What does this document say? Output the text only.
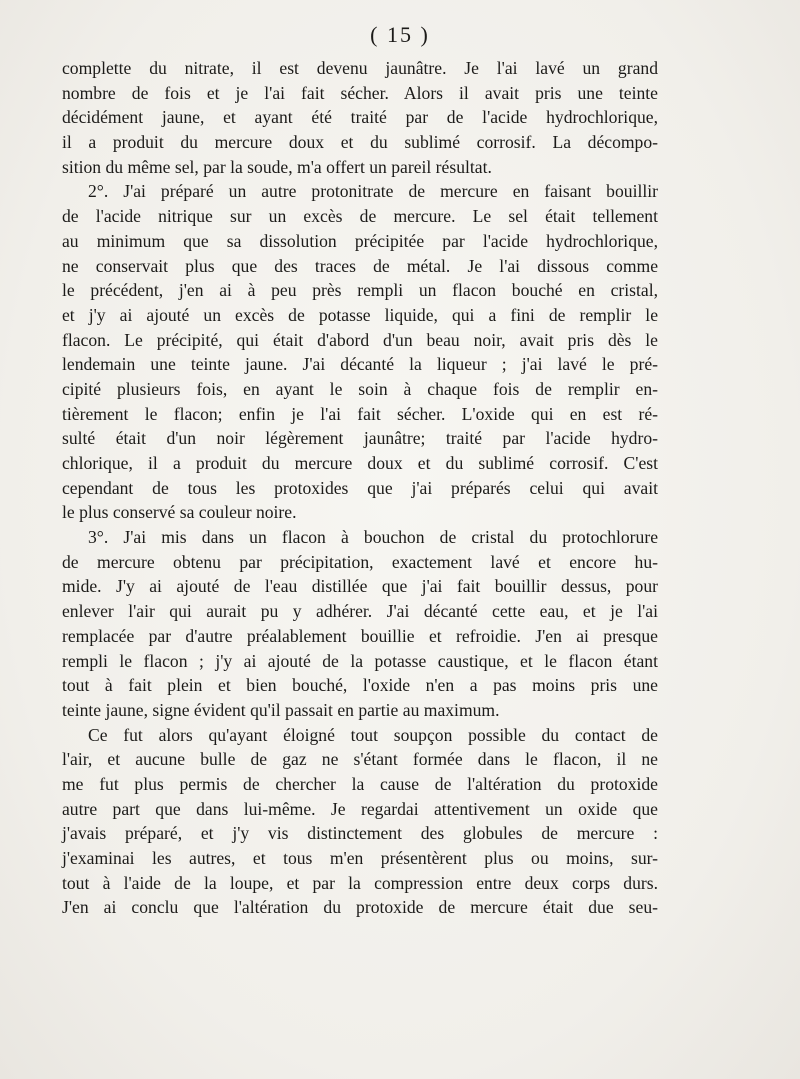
( 15 )
complette du nitrate, il est devenu jaunâtre. Je l'ai lavé un grand
nombre de fois et je l'ai fait sécher. Alors il avait pris une teinte
décidément jaune, et ayant été traité par de l'acide hydrochlorique,
il a produit du mercure doux et du sublimé corrosif. La décompo-
sition du même sel, par la soude, m'a offert un pareil résultat.
2°. J'ai préparé un autre protonitrate de mercure en faisant bouillir
de l'acide nitrique sur un excès de mercure. Le sel était tellement
au minimum que sa dissolution précipitée par l'acide hydrochlorique,
ne conservait plus que des traces de métal. Je l'ai dissous comme
le précédent, j'en ai à peu près rempli un flacon bouché en cristal,
et j'y ai ajouté un excès de potasse liquide, qui a fini de remplir le
flacon. Le précipité, qui était d'abord d'un beau noir, avait pris dès le
lendemain une teinte jaune. J'ai décanté la liqueur ; j'ai lavé le pré-
cipité plusieurs fois, en ayant le soin à chaque fois de remplir en-
tièrement le flacon; enfin je l'ai fait sécher. L'oxide qui en est ré-
sulté était d'un noir légèrement jaunâtre; traité par l'acide hydro-
chlorique, il a produit du mercure doux et du sublimé corrosif. C'est
cependant de tous les protoxides que j'ai préparés celui qui avait
le plus conservé sa couleur noire.
3°. J'ai mis dans un flacon à bouchon de cristal du protochlorure
de mercure obtenu par précipitation, exactement lavé et encore hu-
mide. J'y ai ajouté de l'eau distillée que j'ai fait bouillir dessus, pour
enlever l'air qui aurait pu y adhérer. J'ai décanté cette eau, et je l'ai
remplacée par d'autre préalablement bouillie et refroidie. J'en ai presque
rempli le flacon ; j'y ai ajouté de la potasse caustique, et le flacon étant
tout à fait plein et bien bouché, l'oxide n'en a pas moins pris une
teinte jaune, signe évident qu'il passait en partie au maximum.
Ce fut alors qu'ayant éloigné tout soupçon possible du contact de
l'air, et aucune bulle de gaz ne s'étant formée dans le flacon, il ne
me fut plus permis de chercher la cause de l'altération du protoxide
autre part que dans lui-même. Je regardai attentivement un oxide que
j'avais préparé, et j'y vis distinctement des globules de mercure :
j'examinai les autres, et tous m'en présentèrent plus ou moins, sur-
tout à l'aide de la loupe, et par la compression entre deux corps durs.
J'en ai conclu que l'altération du protoxide de mercure était due seu-
